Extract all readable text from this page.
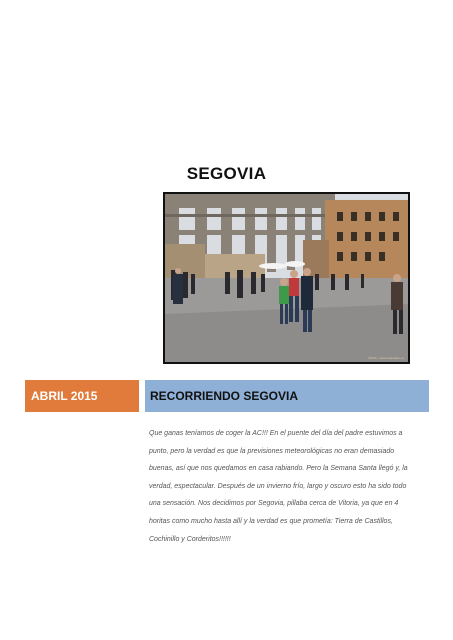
SEGOVIA
©2015 · www.todoviajes.es
ABRIL 2015	RECORRIENDO SEGOVIA
Que ganas teníamos de coger la AC!!! En el puente del día del padre estuvimos a
punto, pero la verdad es que la previsiones meteorológicas no eran demasiado
buenas, así que nos quedamos en casa rabiando. Pero la Semana Santa llegó y, la
verdad, espectacular. Después de un invierno frío, largo y oscuro esto ha sido todo
una sensación. Nos decidimos por Segovia, pillaba cerca de Vitoria, ya que en 4
horitas como mucho hasta allí y la verdad es que prometía: Tierra de Castillos,
Cochinillo y Corderitos!!!!!!
